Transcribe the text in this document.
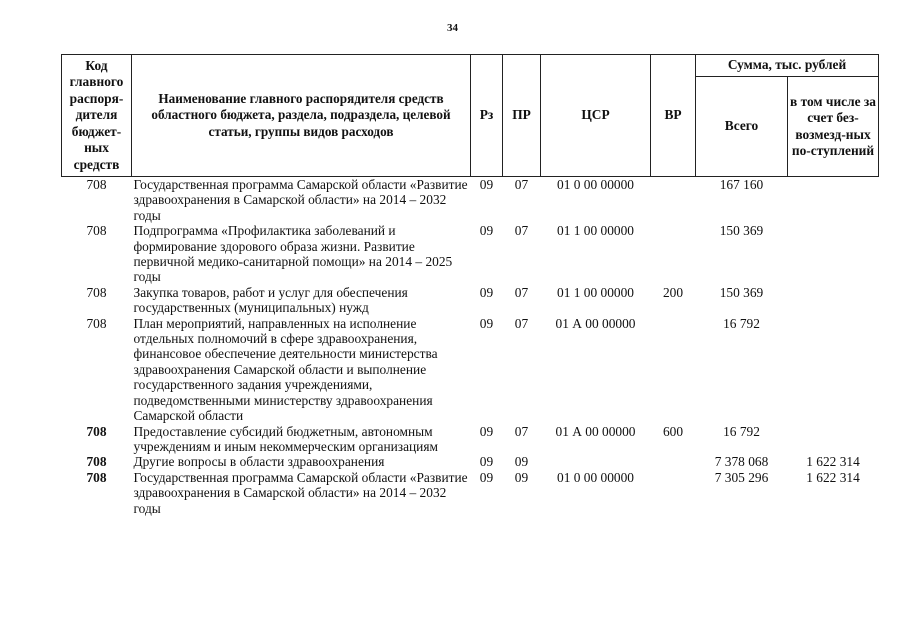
34
Код главного распоря-дителя бюджет-ных средств	Наименование главного распорядителя средств областного бюджета, раздела, подраздела, целевой статьи, группы видов расходов	Рз	ПР	ЦСР	ВР	Сумма, тыс. рублей	
						Всего	в том числе за счет без-возмезд-ных по-ступлений
708	Государственная программа Самарской области «Развитие здравоохранения в Самарской области» на 2014 – 2032 годы	09	07	01 0 00 00000		167 160	
708	Подпрограмма «Профилактика заболеваний и формирование здорового образа жизни. Развитие первичной медико-санитарной помощи» на 2014 – 2025 годы	09	07	01 1 00 00000		150 369	
708	Закупка товаров, работ и услуг для обеспечения государственных (муниципальных) нужд	09	07	01 1 00 00000	200	150 369	
708	План мероприятий, направленных на исполнение отдельных полномочий в сфере здравоохранения, финансовое обеспечение деятельности министерства здравоохранения Самарской области и выполнение государственного задания учреждениями, подведомственными министерству здравоохранения Самарской области	09	07	01 А 00 00000		16 792	
708	Предоставление субсидий бюджетным, автономным учреждениям и иным некоммерческим организациям	09	07	01 А 00 00000	600	16 792	
708	Другие вопросы в области здравоохранения	09	09			7 378 068	1 622 314
708	Государственная программа Самарской области «Развитие здравоохранения в Самарской области» на 2014 – 2032 годы	09	09	01 0 00 00000		7 305 296	1 622 314
